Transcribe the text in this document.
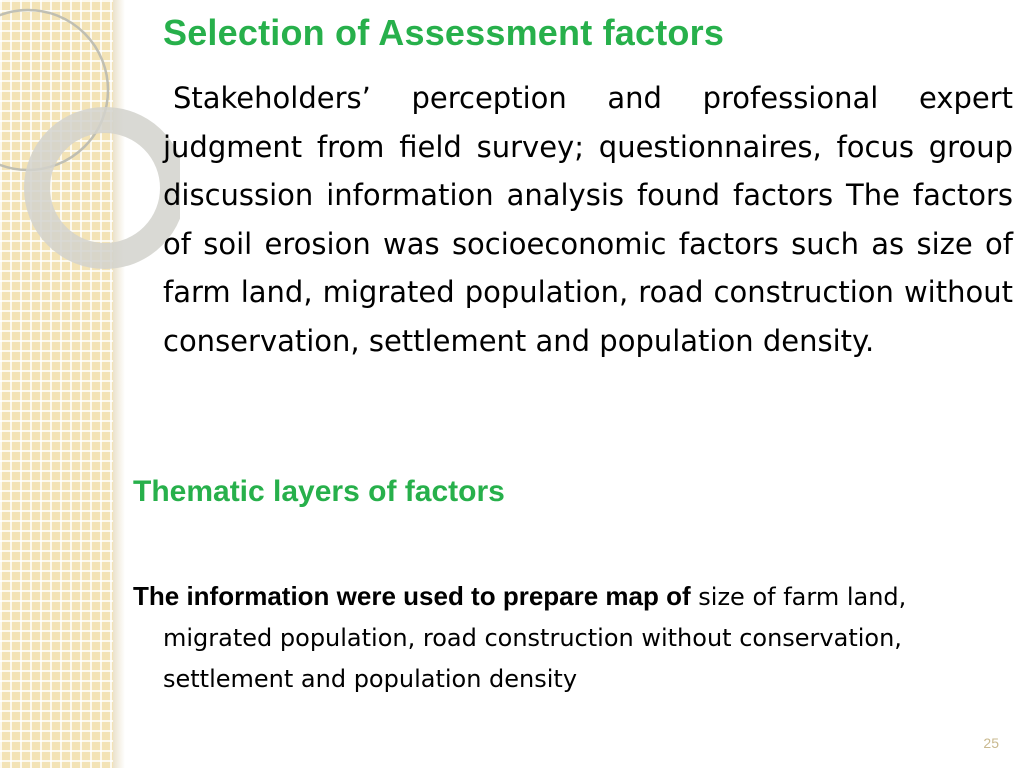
Selection of Assessment factors

Stakeholders’ perception and professional expert judgment from field survey; questionnaires, focus group discussion information analysis found factors The factors of soil erosion was socioeconomic factors such as size of farm land, migrated population, road construction without conservation, settlement and population density.

Thematic layers of factors

The information were used to prepare map of size of farm land, migrated population, road construction without conservation, settlement and population density

25
